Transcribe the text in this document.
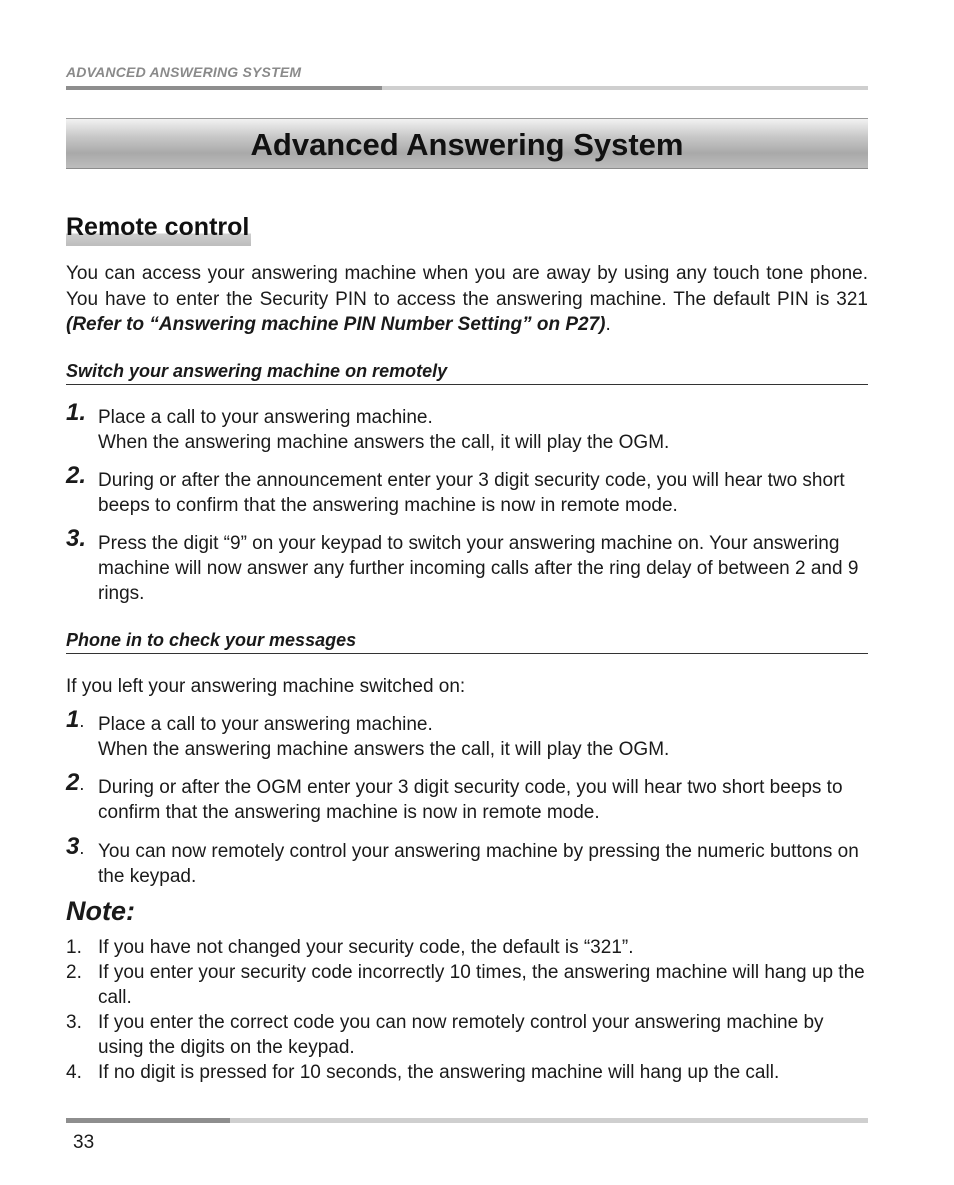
ADVANCED ANSWERING SYSTEM
Advanced Answering System
Remote control

You can access your answering machine when you are away by using any touch tone phone. You have to enter the Security PIN to access the answering machine. The default PIN is 321 (Refer to “Answering machine PIN Number Setting” on P27).

Switch your answering machine on remotely
1. Place a call to your answering machine.
When the answering machine answers the call, it will play the OGM.
2. During or after the announcement enter your 3 digit security code, you will hear two short beeps to confirm that the answering machine is now in remote mode.
3. Press the digit “9” on your keypad to switch your answering machine on. Your answering machine will now answer any further incoming calls after the ring delay of between 2 and 9 rings.
Phone in to check your messages

If you left your answering machine switched on:

1. Place a call to your answering machine.
When the answering machine answers the call, it will play the OGM.
2. During or after the OGM enter your 3 digit security code, you will hear two short beeps to confirm that the answering machine is now in remote mode.
3. You can now remotely control your answering machine by pressing the numeric buttons on the keypad.
Note:
1. If you have not changed your security code, the default is “321”.
2. If you enter your security code incorrectly 10 times, the answering machine will hang up the call.
3. If you enter the correct code you can now remotely control your answering machine by using the digits on the keypad.
4. If no digit is pressed for 10 seconds, the answering machine will hang up the call.
33
